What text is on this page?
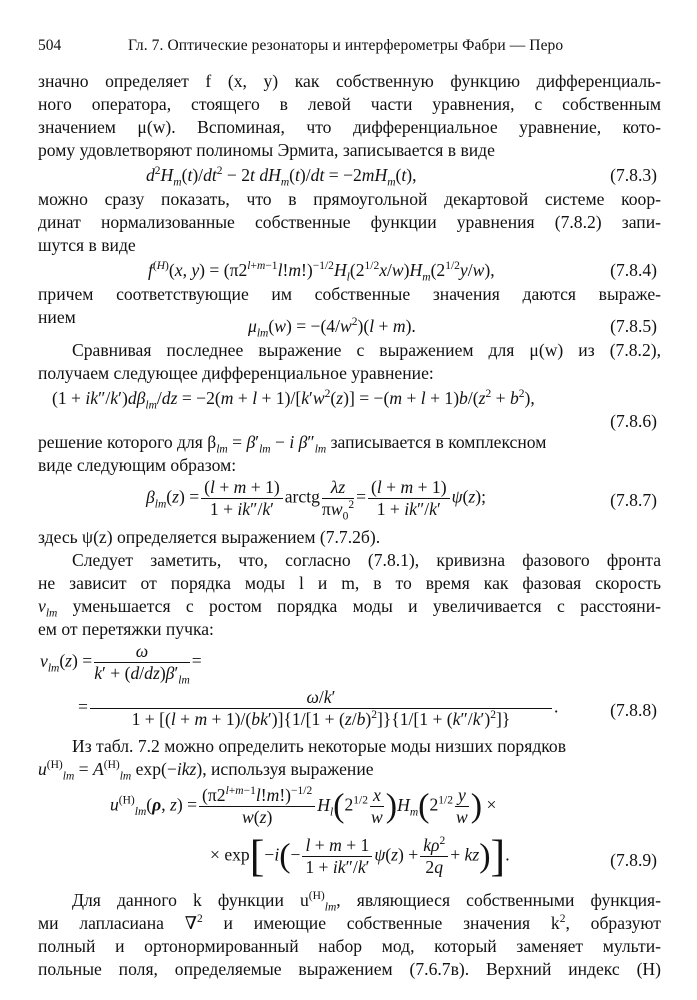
504	Гл. 7. Оптические резонаторы и интерферометры Фабри — Перо
значно определяет f (x, y) как собственную функцию дифференциаль-
ного оператора, стоящего в левой части уравнения, с собственным
значением μ(w). Вспоминая, что дифференциальное уравнение, кото-
рому удовлетворяют полиномы Эрмита, записывается в виде
$d^2H_m(t)/dt^2 - 2t$ $dH_m(t)/dt = -2mH_m(t)$,	(7.8.3)
можно сразу показать, что в прямоугольной декартовой системе коор-
динат нормализованные собственные функции уравнения (7.8.2) запи-
шутся в виде
$f^{(H)}(x$, $y) = (\pi 2^{l+m-1}l!m!)^{-1/2}H_l(2^{1/2}x/w)H_m(2^{1/2}y/w)$,	(7.8.4)
причем соответствующие им собственные значения даются выраже-
нием	$\mu_{lm}(w) = -(4/w^2)(l + m)$.	(7.8.5)
Сравнивая последнее выражение с выражением для μ(w) из (7.8.2),
получаем следующее дифференциальное уравнение:
$(1 + ik''/k')d\beta_{lm}/dz = -2(m + l + 1)/[k'w^2(z)] = -(m + l + 1)b/(z^2 + b^2)$,
(7.8.6)
решение которого для $\beta_{lm} = \beta'_{lm} - i$ $\beta''_{lm}$ записывается в комплексном
виде следующим образом:
$\beta_{lm}(z) = \frac{(l + m + 1)}{1 + ik''/k'}$ arctg $\frac{\lambda z}{\pi w_0^2} = \frac{(l + m + 1)}{1 + ik''/k'} \psi(z)$;	(7.8.7)
здесь ψ(z) определяется выражением (7.7.2б).
Следует заметить, что, согласно (7.8.1), кривизна фазового фронта
не зависит от порядка моды l и m, в то время как фазовая скорость
$v_{lm}$ уменьшается с ростом порядка моды и увеличивается с расстояни-
ем от перетяжки пучка:
$v_{lm}(z) = \frac{\omega}{k' + (d/dz)\beta'_{lm}}$ =
= $\frac{\omega/k'}{1 + [(l + m + 1)/(bk')]\{1/[1 + (z/b)^2]\}\{1/[1 + (k''/k')^2]\}}$ .	(7.8.8)
Из табл. 7.2 можно определить некоторые моды низших порядков
$u^{(H)}_{lm} = A^{(H)}_{lm}$ exp(−ikz), используя выражение
$u^{(H)}_{lm}(\rho$, $z) = \frac{(\pi 2^{l+m-1}l!m!)^{-1/2}}{w(z)} H_l(2^{1/2} \frac{x}{w} )H_m(2^{1/2} \frac{y}{w}$ ) ×
× $\exp[-i(- \frac{l + m + 1}{1 + ik''/k'} \psi(z) + \frac{k\rho^2}{2q} + kz)]$.	(7.8.9)
Для данного k функции $u^{(H)}_{lm}$, являющиеся собственными функция-
ми лапласиана ∇$^2$ и имеющие собственные значения $k^2$, образуют
полный и ортонормированный набор мод, который заменяет мульти-
польные поля, определяемые выражением (7.6.7в). Верхний индекс (H)
